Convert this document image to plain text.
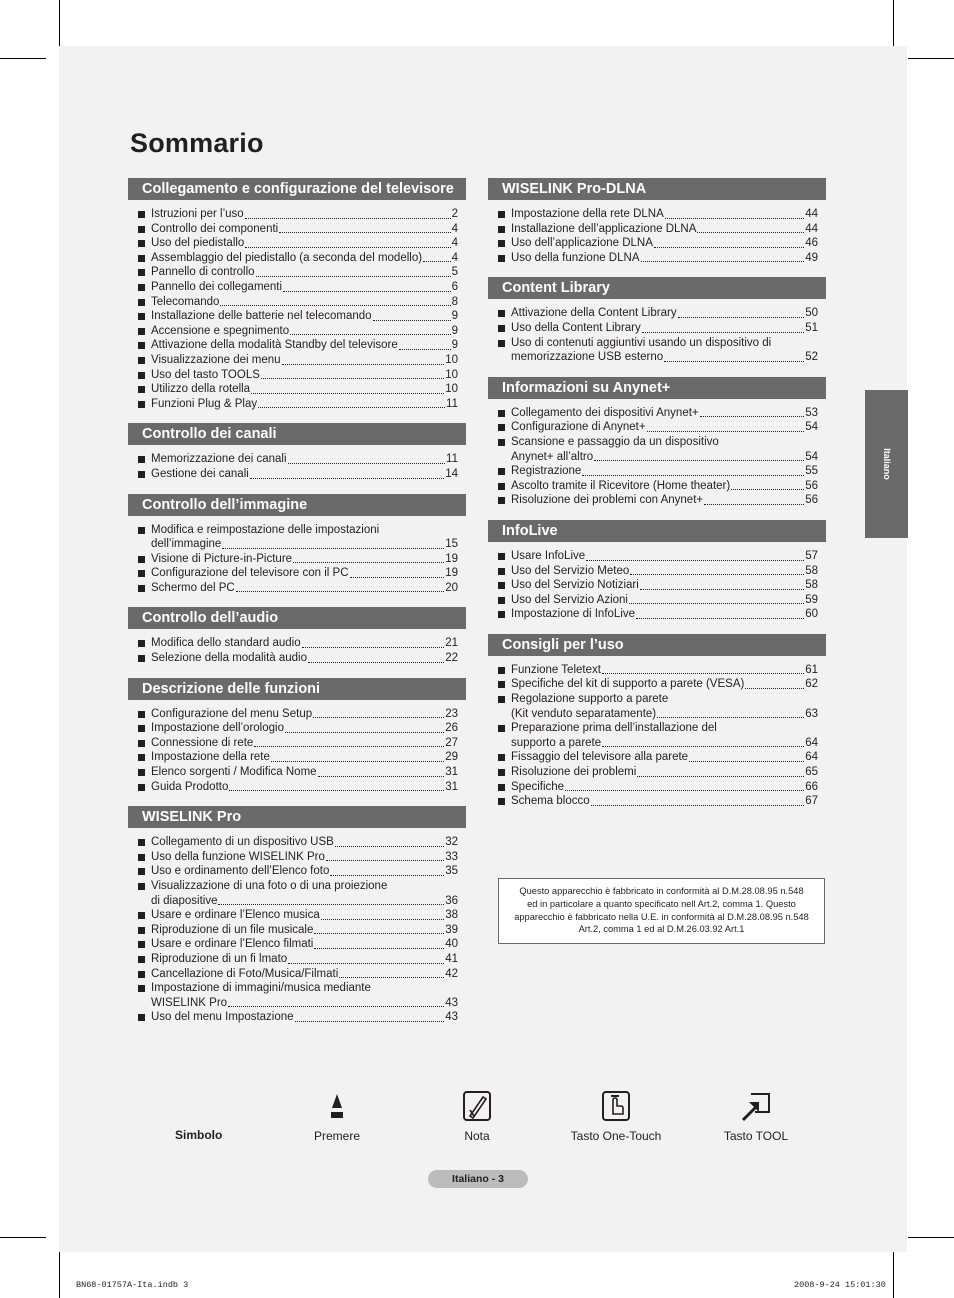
Sommario
Collegamento e configurazione del televisore
Istruzioni per l’uso	2
Controllo dei componenti	4
Uso del piedistallo	4
Assemblaggio del piedistallo (a seconda del modello)	4
Pannello di controllo	5
Pannello dei collegamenti	6
Telecomando	8
Installazione delle batterie nel telecomando	9
Accensione e spegnimento	9
Attivazione della modalità Standby del televisore	9
Visualizzazione dei menu	10
Uso del tasto TOOLS	10
Utilizzo della rotella	10
Funzioni Plug & Play	11
Controllo dei canali
Memorizzazione dei canali	11
Gestione dei canali	14
Controllo dell’immagine
Modifica e reimpostazione delle impostazioni
dell’immagine	15
Visione di Picture-in-Picture	19
Configurazione del televisore con il PC	19
Schermo del PC	20
Controllo dell’audio
Modifica dello standard audio	21
Selezione della modalità audio	22
Descrizione delle funzioni
Configurazione del menu Setup	23
Impostazione dell’orologio	26
Connessione di rete	27
Impostazione della rete	29
Elenco sorgenti / Modifica Nome	31
Guida Prodotto	31
WISELINK Pro
Collegamento di un dispositivo USB	32
Uso della funzione WISELINK Pro	33
Uso e ordinamento dell’Elenco foto	35
Visualizzazione di una foto o di una proiezione
di diapositive	36
Usare e ordinare l’Elenco musica	38
Riproduzione di un file musicale	39
Usare e ordinare l’Elenco filmati	40
Riproduzione di un fi lmato	41
Cancellazione di Foto/Musica/Filmati	42
Impostazione di immagini/musica mediante
WISELINK Pro	43
Uso del menu Impostazione	43
WISELINK Pro-DLNA
Impostazione della rete DLNA	44
Installazione dell’applicazione DLNA	44
Uso dell’applicazione DLNA	46
Uso della funzione DLNA	49
Content Library
Attivazione della Content Library	50
Uso della Content Library	51
Uso di contenuti aggiuntivi usando un dispositivo di
memorizzazione USB esterno	52
Informazioni su Anynet+
Collegamento dei dispositivi Anynet+	53
Configurazione di Anynet+	54
Scansione e passaggio da un dispositivo
Anynet+ all’altro	54
Registrazione	55
Ascolto tramite il Ricevitore (Home theater)	56
Risoluzione dei problemi con Anynet+	56
InfoLive
Usare InfoLive	57
Uso del Servizio Meteo	58
Uso del Servizio Notiziari	58
Uso del Servizio Azioni	59
Impostazione di InfoLive	60
Consigli per l’uso
Funzione Teletext	61
Specifiche del kit di supporto a parete (VESA)	62
Regolazione supporto a parete
(Kit venduto separatamente)	63
Preparazione prima dell’installazione del
supporto a parete	64
Fissaggio del televisore alla parete	64
Risoluzione dei problemi	65
Specifiche	66
Schema blocco	67

Questo apparecchio è fabbricato in conformità al D.M.28.08.95 n.548

ed in particolare a quanto specificato nell Art.2, comma 1. Questo

apparecchio è fabbricato nella U.E. in conformità al D.M.28.08.95 n.548

Art.2, comma 1 ed al D.M.26.03.92 Art.1

Italiano
Simbolo	Premere	Nota	Tasto One-Touch	Tasto TOOL
Italiano - 3
BN68-01757A-Ita.indb 3	2008-9-24 15:01:30
